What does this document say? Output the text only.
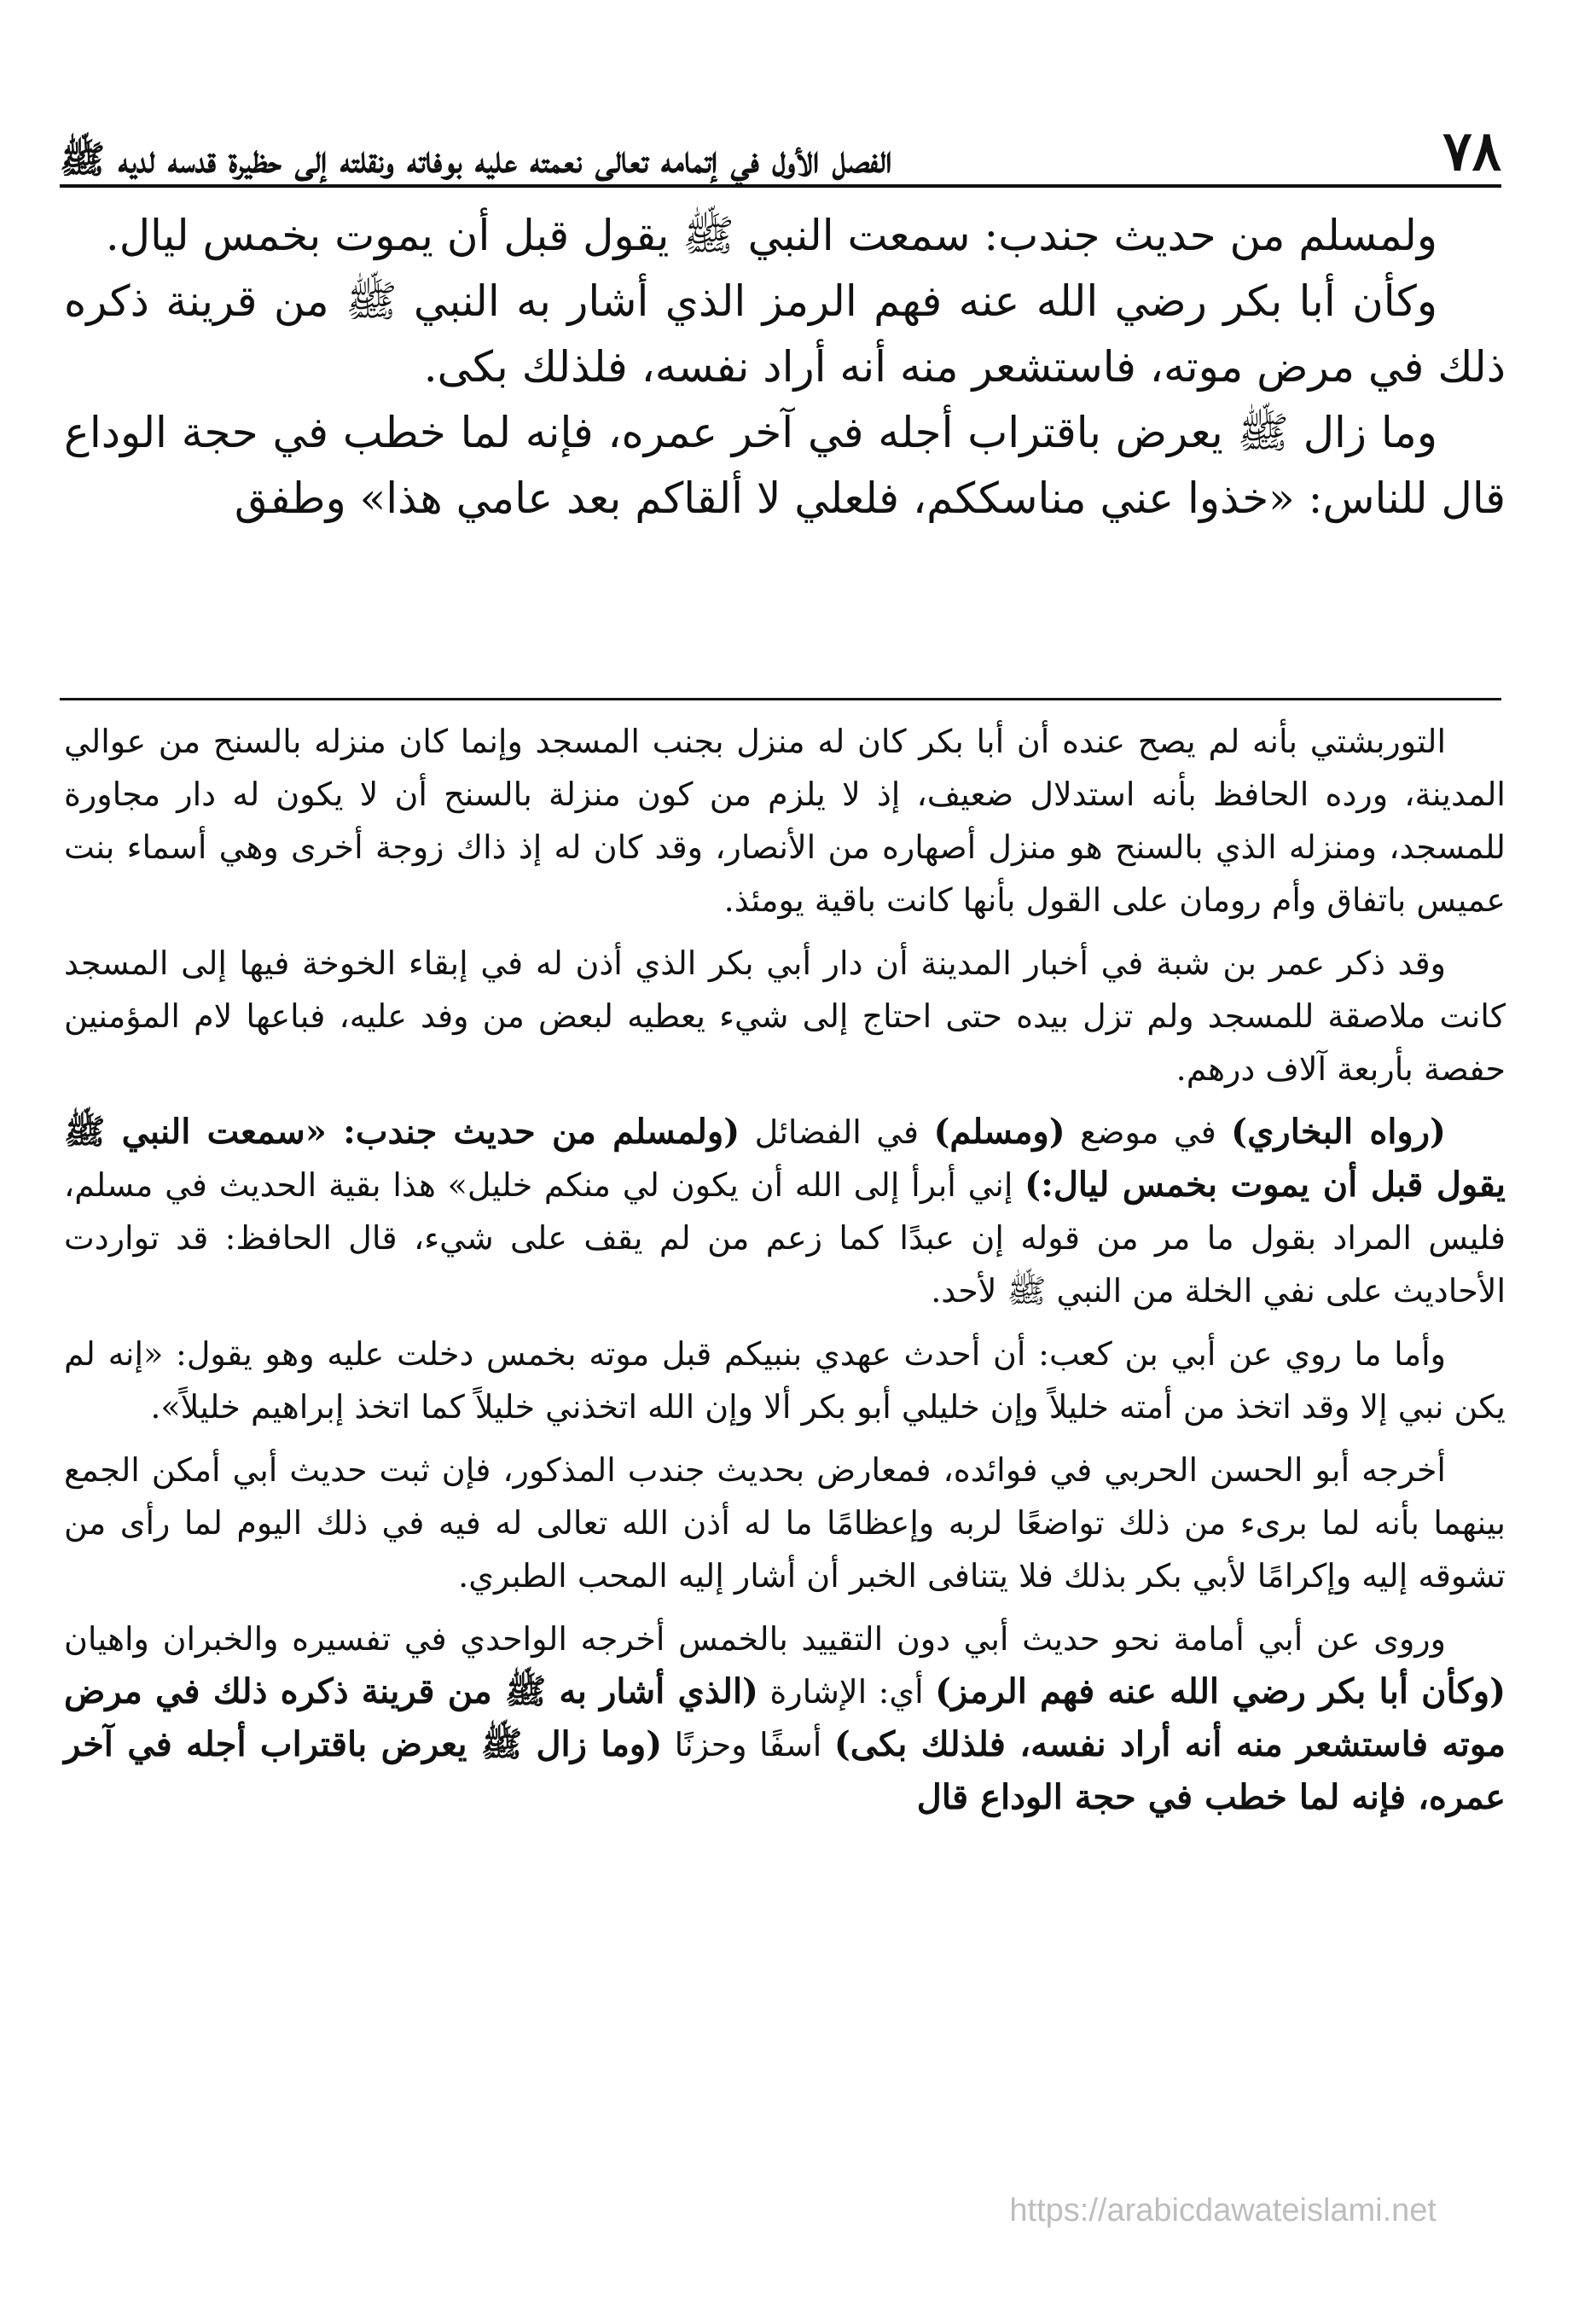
٧٨
الفصل الأول في إتمامه تعالى نعمته عليه بوفاته ونقلته إلى حظيرة قدسه لديه ﷺ

ولمسلم من حديث جندب: سمعت النبي ﷺ يقول قبل أن يموت بخمس ليال.

وكأن أبا بكر رضي الله عنه فهم الرمز الذي أشار به النبي ﷺ من قرينة ذكره ذلك في مرض موته، فاستشعر منه أنه أراد نفسه، فلذلك بكى.

وما زال ﷺ يعرض باقتراب أجله في آخر عمره، فإنه لما خطب في حجة الوداع قال للناس: «خذوا عني مناسككم، فلعلي لا ألقاكم بعد عامي هذا» وطفق

التوربشتي بأنه لم يصح عنده أن أبا بكر كان له منزل بجنب المسجد وإنما كان منزله بالسنح من عوالي المدينة، ورده الحافظ بأنه استدلال ضعيف، إذ لا يلزم من كون منزلة بالسنح أن لا يكون له دار مجاورة للمسجد، ومنزله الذي بالسنح هو منزل أصهاره من الأنصار، وقد كان له إذ ذاك زوجة أخرى وهي أسماء بنت عميس باتفاق وأم رومان على القول بأنها كانت باقية يومئذ.

وقد ذكر عمر بن شبة في أخبار المدينة أن دار أبي بكر الذي أذن له في إبقاء الخوخة فيها إلى المسجد كانت ملاصقة للمسجد ولم تزل بيده حتى احتاج إلى شيء يعطيه لبعض من وفد عليه، فباعها لام المؤمنين حفصة بأربعة آلاف درهم.

(رواه البخاري) في موضع (ومسلم) في الفضائل (ولمسلم من حديث جندب: «سمعت النبي ﷺ يقول قبل أن يموت بخمس ليال:) إني أبرأ إلى الله أن يكون لي منكم خليل» هذا بقية الحديث في مسلم، فليس المراد بقول ما مر من قوله إن عبدًا كما زعم من لم يقف على شيء، قال الحافظ: قد تواردت الأحاديث على نفي الخلة من النبي ﷺ لأحد.

وأما ما روي عن أبي بن كعب: أن أحدث عهدي بنبيكم قبل موته بخمس دخلت عليه وهو يقول: «إنه لم يكن نبي إلا وقد اتخذ من أمته خليلاً وإن خليلي أبو بكر ألا وإن الله اتخذني خليلاً كما اتخذ إبراهيم خليلاً».

أخرجه أبو الحسن الحربي في فوائده، فمعارض بحديث جندب المذكور، فإن ثبت حديث أبي أمكن الجمع بينهما بأنه لما برىء من ذلك تواضعًا لربه وإعظامًا ما له أذن الله تعالى له فيه في ذلك اليوم لما رأى من تشوقه إليه وإكرامًا لأبي بكر بذلك فلا يتنافى الخبر أن أشار إليه المحب الطبري.

وروى عن أبي أمامة نحو حديث أبي دون التقييد بالخمس أخرجه الواحدي في تفسيره والخبران واهيان (وكأن أبا بكر رضي الله عنه فهم الرمز) أي: الإشارة (الذي أشار به ﷺ من قرينة ذكره ذلك في مرض موته فاستشعر منه أنه أراد نفسه، فلذلك بكى) أسفًا وحزنًا (وما زال ﷺ يعرض باقتراب أجله في آخر عمره، فإنه لما خطب في حجة الوداع قال

https://arabicdawateislami.net
